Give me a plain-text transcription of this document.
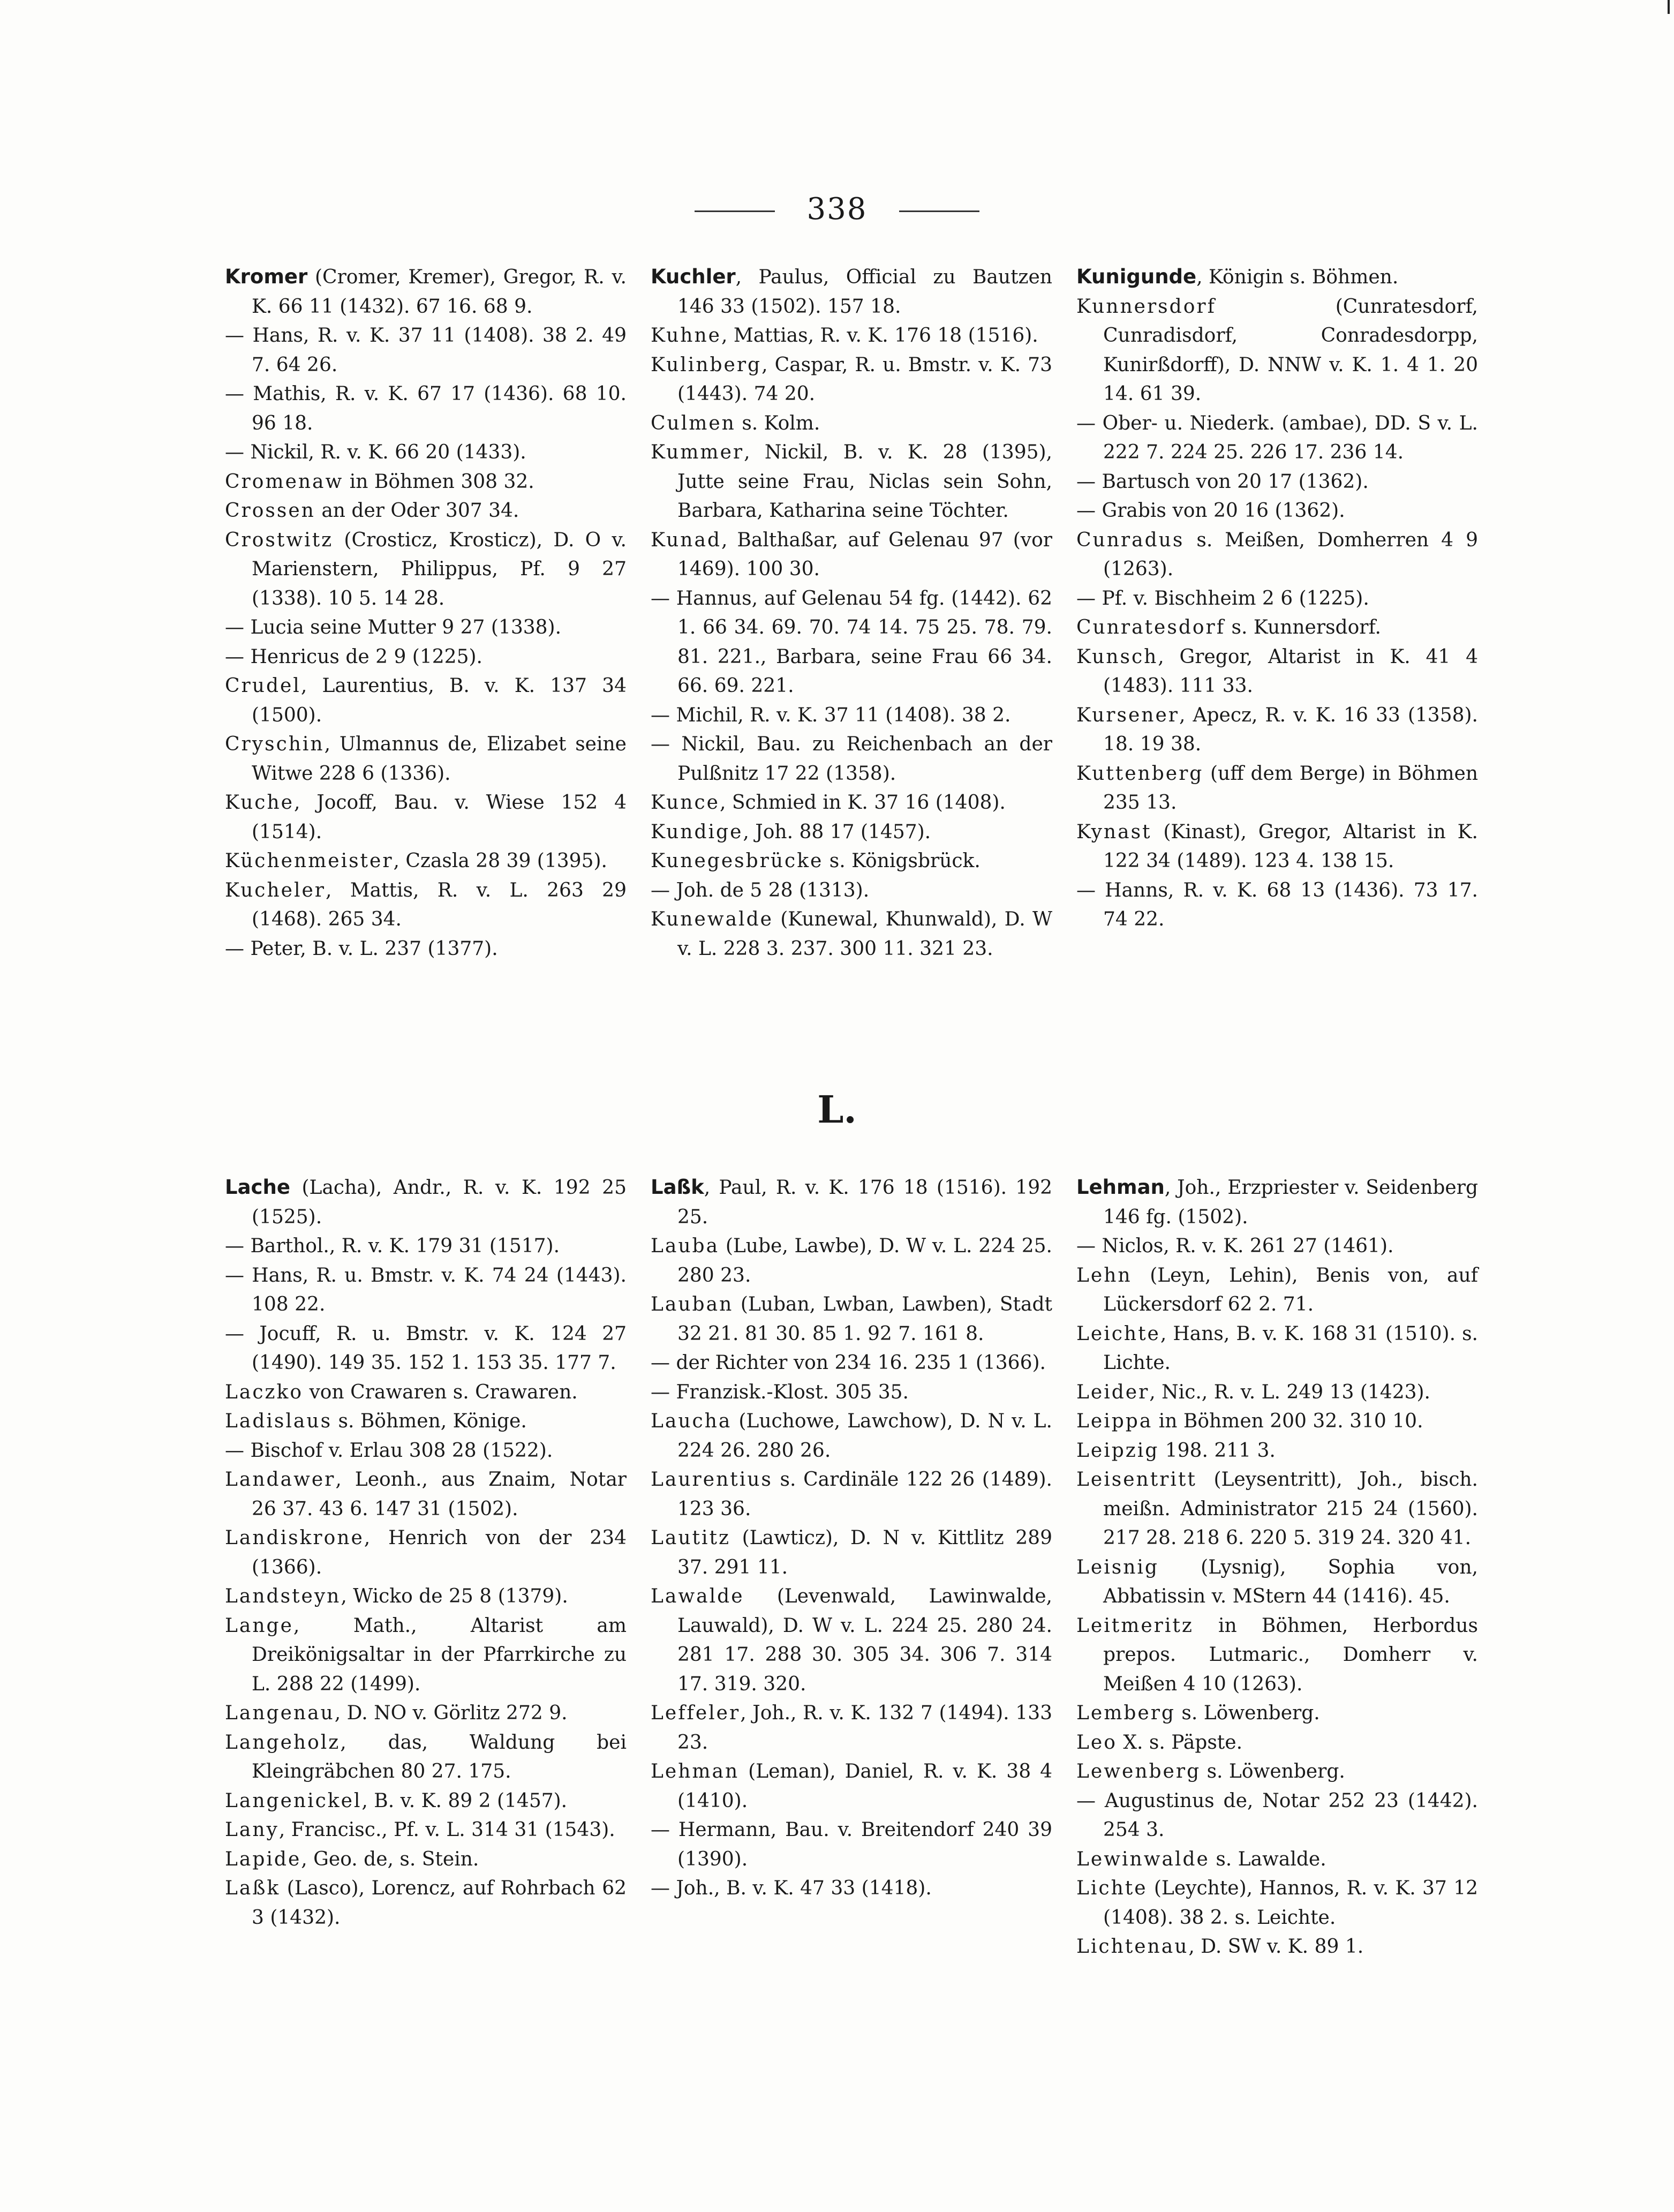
338
Kromer (Cromer, Kremer), Gregor, R. v. K. 66 11 (1432). 67 16. 68 9.
— Hans, R. v. K. 37 11 (1408). 38 2. 49 7. 64 26.
— Mathis, R. v. K. 67 17 (1436). 68 10. 96 18.
— Nickil, R. v. K. 66 20 (1433).
Cromenaw in Böhmen 308 32.
Crossen an der Oder 307 34.
Crostwitz (Crosticz, Krosticz), D. O v. Marienstern, Philippus, Pf. 9 27 (1338). 10 5. 14 28.
— Lucia seine Mutter 9 27 (1338).
— Henricus de 2 9 (1225).
Crudel, Laurentius, B. v. K. 137 34 (1500).
Cryschin, Ulmannus de, Elizabet seine Witwe 228 6 (1336).
Kuche, Jocoff, Bau. v. Wiese 152 4 (1514).
Küchenmeister, Czasla 28 39 (1395).
Kucheler, Mattis, R. v. L. 263 29 (1468). 265 34.
— Peter, B. v. L. 237 (1377).
Kuchler, Paulus, Official zu Bautzen 146 33 (1502). 157 18.
Kuhne, Mattias, R. v. K. 176 18 (1516).
Kulinberg, Caspar, R. u. Bmstr. v. K. 73 (1443). 74 20.
Culmen s. Kolm.
Kummer, Nickil, B. v. K. 28 (1395), Jutte seine Frau, Niclas sein Sohn, Barbara, Katharina seine Töchter.
Kunad, Balthaßar, auf Gelenau 97 (vor 1469). 100 30.
— Hannus, auf Gelenau 54 fg. (1442). 62 1. 66 34. 69. 70. 74 14. 75 25. 78. 79. 81. 221., Barbara, seine Frau 66 34. 66. 69. 221.
— Michil, R. v. K. 37 11 (1408). 38 2.
— Nickil, Bau. zu Reichenbach an der Pulßnitz 17 22 (1358).
Kunce, Schmied in K. 37 16 (1408).
Kundige, Joh. 88 17 (1457).
Kunegesbrücke s. Königsbrück.
— Joh. de 5 28 (1313).
Kunewalde (Kunewal, Khunwald), D. W v. L. 228 3. 237. 300 11. 321 23.
Kunigunde, Königin s. Böhmen.
Kunnersdorf (Cunratesdorf, Cunradisdorf, Conradesdorpp, Kunirßdorff), D. NNW v. K. 1. 4 1. 20 14. 61 39.
— Ober- u. Niederk. (ambae), DD. S v. L. 222 7. 224 25. 226 17. 236 14.
— Bartusch von 20 17 (1362).
— Grabis von 20 16 (1362).
Cunradus s. Meißen, Domherren 4 9 (1263).
— Pf. v. Bischheim 2 6 (1225).
Cunratesdorf s. Kunnersdorf.
Kunsch, Gregor, Altarist in K. 41 4 (1483). 111 33.
Kursener, Apecz, R. v. K. 16 33 (1358). 18. 19 38.
Kuttenberg (uff dem Berge) in Böhmen 235 13.
Kynast (Kinast), Gregor, Altarist in K. 122 34 (1489). 123 4. 138 15.
— Hanns, R. v. K. 68 13 (1436). 73 17. 74 22.
L.
Lache (Lacha), Andr., R. v. K. 192 25 (1525).
— Barthol., R. v. K. 179 31 (1517).
— Hans, R. u. Bmstr. v. K. 74 24 (1443). 108 22.
— Jocuff, R. u. Bmstr. v. K. 124 27 (1490). 149 35. 152 1. 153 35. 177 7.
Laczko von Crawaren s. Crawaren.
Ladislaus s. Böhmen, Könige.
— Bischof v. Erlau 308 28 (1522).
Landawer, Leonh., aus Znaim, Notar 26 37. 43 6. 147 31 (1502).
Landiskrone, Henrich von der 234 (1366).
Landsteyn, Wicko de 25 8 (1379).
Lange, Math., Altarist am Dreikönigsaltar in der Pfarrkirche zu L. 288 22 (1499).
Langenau, D. NO v. Görlitz 272 9.
Langeholz, das, Waldung bei Kleingräbchen 80 27. 175.
Langenickel, B. v. K. 89 2 (1457).
Lany, Francisc., Pf. v. L. 314 31 (1543).
Lapide, Geo. de, s. Stein.
Laßk (Lasco), Lorencz, auf Rohrbach 62 3 (1432).
Laßk, Paul, R. v. K. 176 18 (1516). 192 25.
Lauba (Lube, Lawbe), D. W v. L. 224 25. 280 23.
Lauban (Luban, Lwban, Lawben), Stadt 32 21. 81 30. 85 1. 92 7. 161 8.
— der Richter von 234 16. 235 1 (1366).
— Franzisk.-Klost. 305 35.
Laucha (Luchowe, Lawchow), D. N v. L. 224 26. 280 26.
Laurentius s. Cardinäle 122 26 (1489). 123 36.
Lautitz (Lawticz), D. N v. Kittlitz 289 37. 291 11.
Lawalde (Levenwald, Lawinwalde, Lauwald), D. W v. L. 224 25. 280 24. 281 17. 288 30. 305 34. 306 7. 314 17. 319. 320.
Leffeler, Joh., R. v. K. 132 7 (1494). 133 23.
Lehman (Leman), Daniel, R. v. K. 38 4 (1410).
— Hermann, Bau. v. Breitendorf 240 39 (1390).
— Joh., B. v. K. 47 33 (1418).
Lehman, Joh., Erzpriester v. Seidenberg 146 fg. (1502).
— Niclos, R. v. K. 261 27 (1461).
Lehn (Leyn, Lehin), Benis von, auf Lückersdorf 62 2. 71.
Leichte, Hans, B. v. K. 168 31 (1510). s. Lichte.
Leider, Nic., R. v. L. 249 13 (1423).
Leippa in Böhmen 200 32. 310 10.
Leipzig 198. 211 3.
Leisentritt (Leysentritt), Joh., bisch. meißn. Administrator 215 24 (1560). 217 28. 218 6. 220 5. 319 24. 320 41.
Leisnig (Lysnig), Sophia von, Abbatissin v. MStern 44 (1416). 45.
Leitmeritz in Böhmen, Herbordus prepos. Lutmaric., Domherr v. Meißen 4 10 (1263).
Lemberg s. Löwenberg.
Leo X. s. Päpste.
Lewenberg s. Löwenberg.
— Augustinus de, Notar 252 23 (1442). 254 3.
Lewinwalde s. Lawalde.
Lichte (Leychte), Hannos, R. v. K. 37 12 (1408). 38 2. s. Leichte.
Lichtenau, D. SW v. K. 89 1.
